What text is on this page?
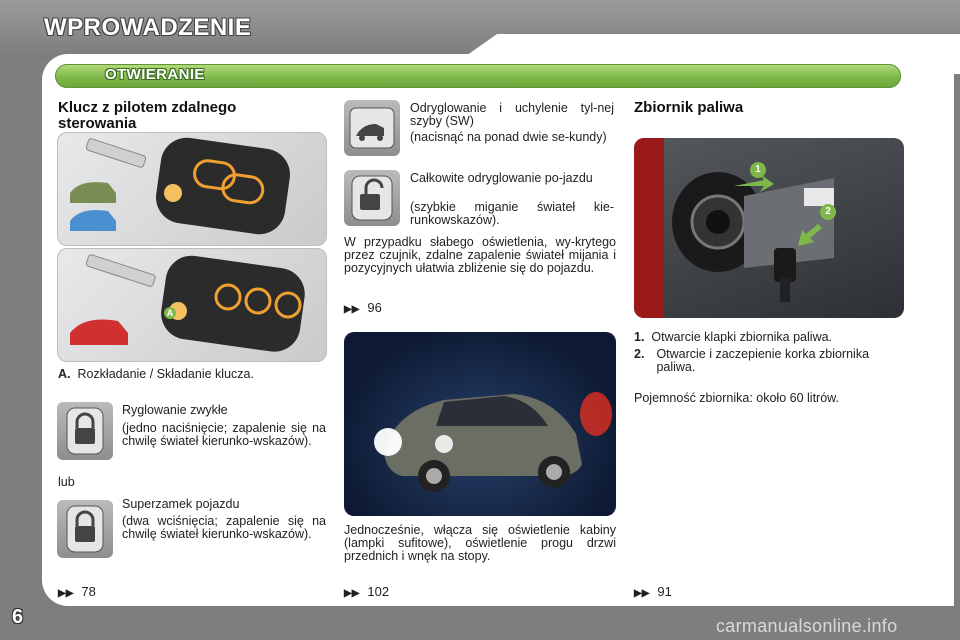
WPROWADZENIE
OTWIERANIE
Klucz z pilotem zdalnego sterowania
A
A. Rozkładanie / Składanie klucza.
Ryglowanie zwykłe
(jedno naciśnięcie; zapalenie się na chwilę świateł kierunko-wskazów).
lub
Superzamek pojazdu
(dwa wciśnięcia; zapalenie się na chwilę świateł kierunko-wskazów).
▶▶ 78
Odryglowanie i uchylenie tyl-nej szyby (SW)
(nacisnąć na ponad dwie se-kundy)
Całkowite odryglowanie po-jazdu
(szybkie miganie świateł kie-runkowskazów).
W przypadku słabego oświetlenia, wy-krytego przez czujnik, zdalne zapalenie świateł mijania i pozycyjnych ułatwia zbliżenie się do pojazdu.
▶▶ 96
Jednocześnie, włącza się oświetlenie kabiny (lampki sufitowe), oświetlenie progu drzwi przednich i wnęk na stopy.
▶▶ 102
Zbiornik paliwa
1
2
1. Otwarcie klapki zbiornika paliwa.
2. Otwarcie i zaczepienie korka zbiornika paliwa.
Pojemność zbiornika: około 60 litrów.
▶▶ 91
6	carmanualsonline.info
